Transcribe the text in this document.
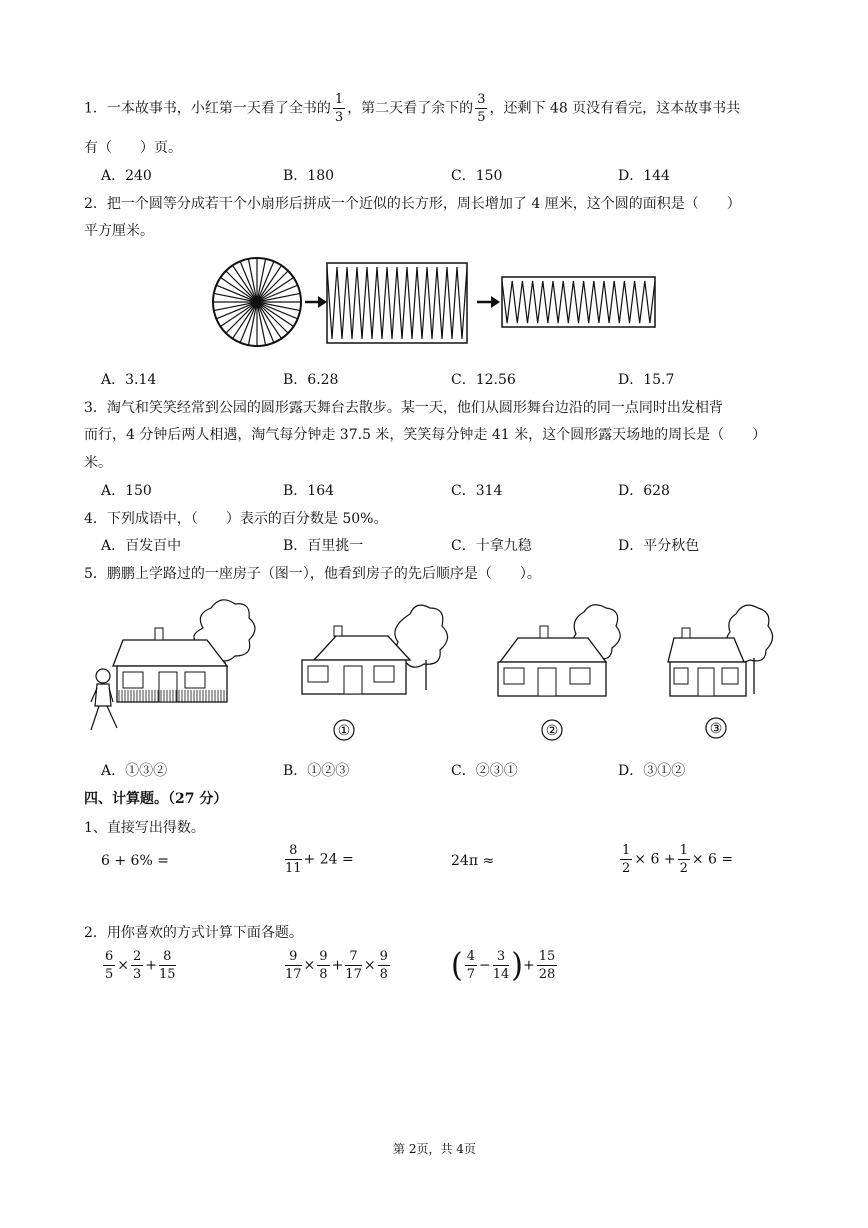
1．一本故事书，小红第一天看了全书的 $\frac{1}{3}$ ，第二天看了余下的 $\frac{3}{5}$ ，还剩下 48 页没有看完，这本故事书共
有（　　）页。
A．240	B．180	C．150	D．144
2．把一个圆等分成若干个小扇形后拼成一个近似的长方形，周长增加了 4 厘米，这个圆的面积是（　　）
平方厘米。
A．3.14	B．6.28	C．12.56	D．15.7
3．淘气和笑笑经常到公园的圆形露天舞台去散步。某一天，他们从圆形舞台边沿的同一点同时出发相背
而行，4 分钟后两人相遇，淘气每分钟走 37.5 米，笑笑每分钟走 41 米，这个圆形露天场地的周长是（　　）
米。
A．150	B．164	C．314	D．628
4．下列成语中，（　　）表示的百分数是 50%。
A．百发百中	B．百里挑一	C．十拿九稳	D．平分秋色
5．鹏鹏上学路过的一座房子（图一），他看到房子的先后顺序是（　　）。
①	②	③
A．①③②	B．①②③	C．②③①	D．③①②
四、计算题。（27 分）
1、直接写出得数。
6 + 6% =	$\frac{8}{11} + 24$ =	24π ≈	$\frac{1}{2} \times 6 + \frac{1}{2} \times 6$ =
2．用你喜欢的方式计算下面各题。
$\frac{6}{5} \times \frac{2}{3} + \frac{8}{15}$	$\frac{9}{17} \times \frac{9}{8} + \frac{7}{17} \times \frac{9}{8}$ ( $\frac{4}{7} - \frac{3}{14}$ )+ $\frac{15}{28}$
第 2页，共 4页
